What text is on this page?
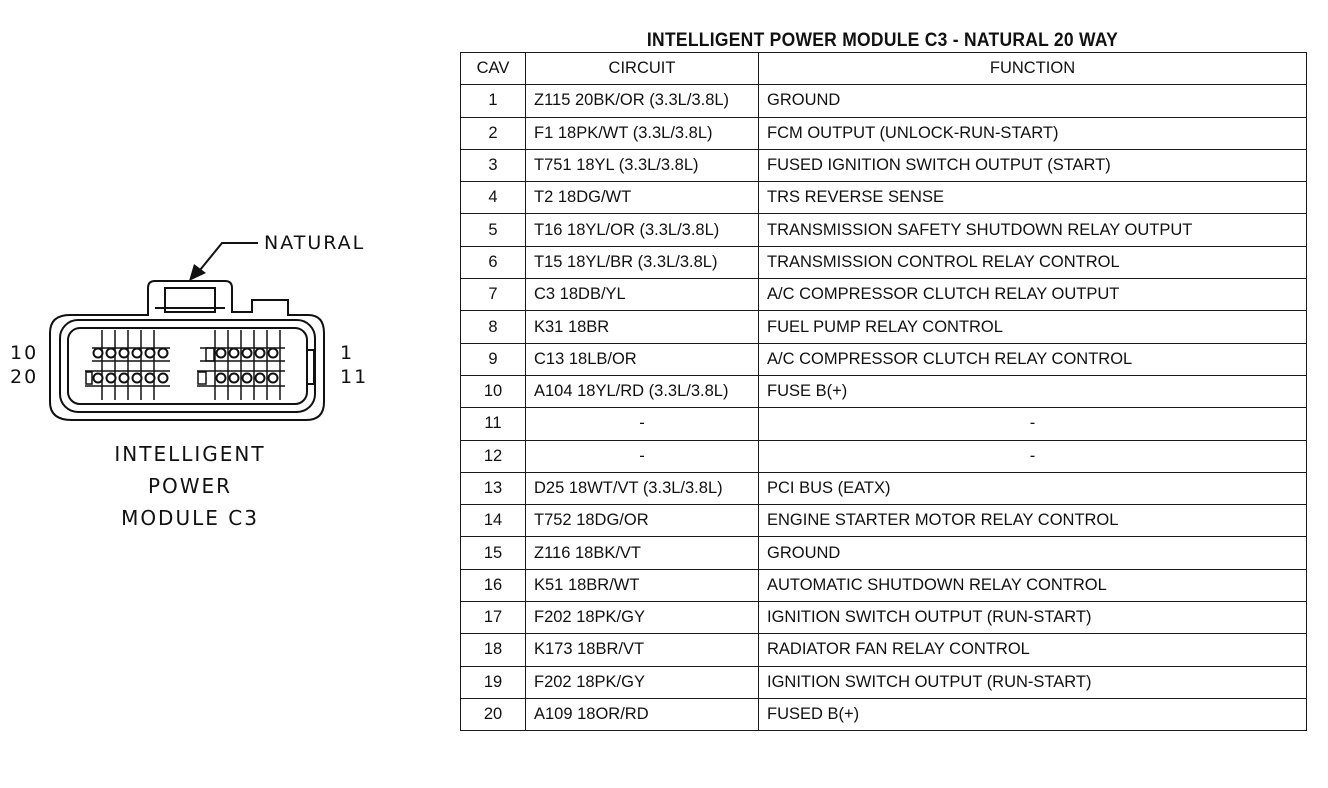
NATURAL
10
20
1
11
INTELLIGENT
POWER
MODULE C3
INTELLIGENT POWER MODULE C3 - NATURAL 20 WAY
CAV	CIRCUIT	FUNCTION
1	Z115 20BK/OR (3.3L/3.8L)	GROUND
2	F1 18PK/WT (3.3L/3.8L)	FCM OUTPUT (UNLOCK-RUN-START)
3	T751 18YL (3.3L/3.8L)	FUSED IGNITION SWITCH OUTPUT (START)
4	T2 18DG/WT	TRS REVERSE SENSE
5	T16 18YL/OR (3.3L/3.8L)	TRANSMISSION SAFETY SHUTDOWN RELAY OUTPUT
6	T15 18YL/BR (3.3L/3.8L)	TRANSMISSION CONTROL RELAY CONTROL
7	C3 18DB/YL	A/C COMPRESSOR CLUTCH RELAY OUTPUT
8	K31 18BR	FUEL PUMP RELAY CONTROL
9	C13 18LB/OR	A/C COMPRESSOR CLUTCH RELAY CONTROL
10	A104 18YL/RD (3.3L/3.8L)	FUSE B(+)
11	-	-
12	-	-
13	D25 18WT/VT (3.3L/3.8L)	PCI BUS (EATX)
14	T752 18DG/OR	ENGINE STARTER MOTOR RELAY CONTROL
15	Z116 18BK/VT	GROUND
16	K51 18BR/WT	AUTOMATIC SHUTDOWN RELAY CONTROL
17	F202 18PK/GY	IGNITION SWITCH OUTPUT (RUN-START)
18	K173 18BR/VT	RADIATOR FAN RELAY CONTROL
19	F202 18PK/GY	IGNITION SWITCH OUTPUT (RUN-START)
20	A109 18OR/RD	FUSED B(+)
